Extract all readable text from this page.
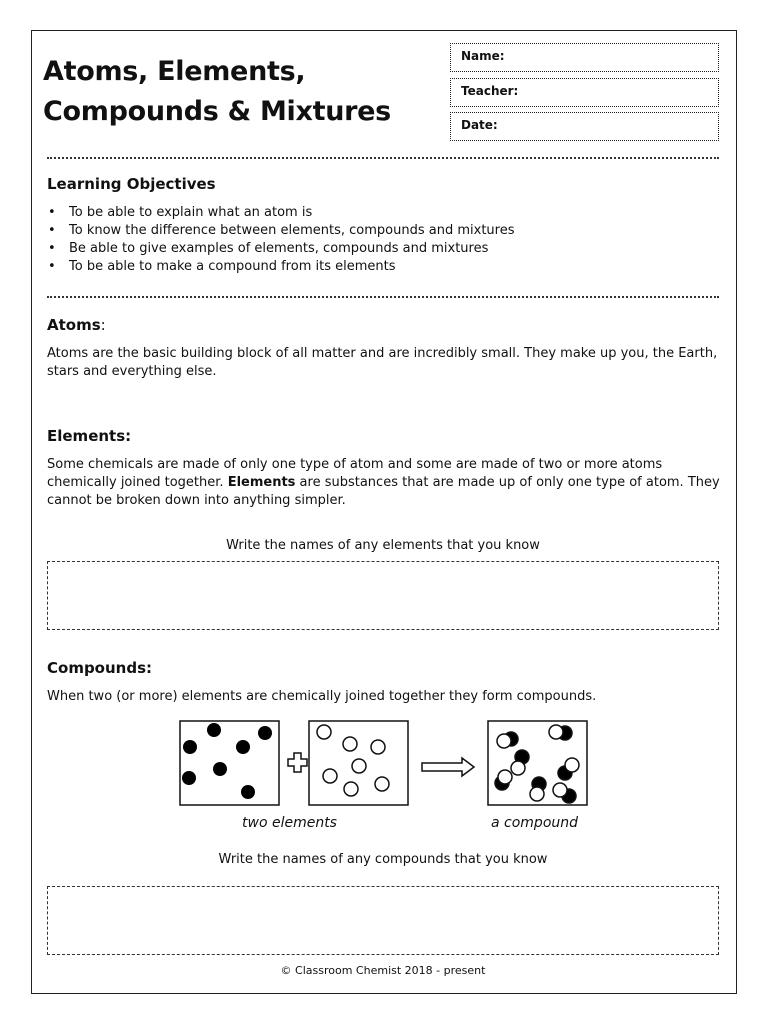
Atoms, Elements,
Compounds & Mixtures
Name:
Teacher:
Date:
Learning Objectives
• To be able to explain what an atom is
• To know the difference between elements, compounds and mixtures
• Be able to give examples of elements, compounds and mixtures
• To be able to make a compound from its elements
Atoms:

Atoms are the basic building block of all matter and are incredibly small. They make up you, the Earth, stars and everything else.

Elements:

Some chemicals are made of only one type of atom and some are made of two or more atoms chemically joined together. Elements are substances that are made up of only one type of atom. They cannot be broken down into anything simpler.

Write the names of any elements that you know

Compounds:

When two (or more) elements are chemically joined together they form compounds.

two elements	a compound

Write the names of any compounds that you know

© Classroom Chemist 2018 - present
